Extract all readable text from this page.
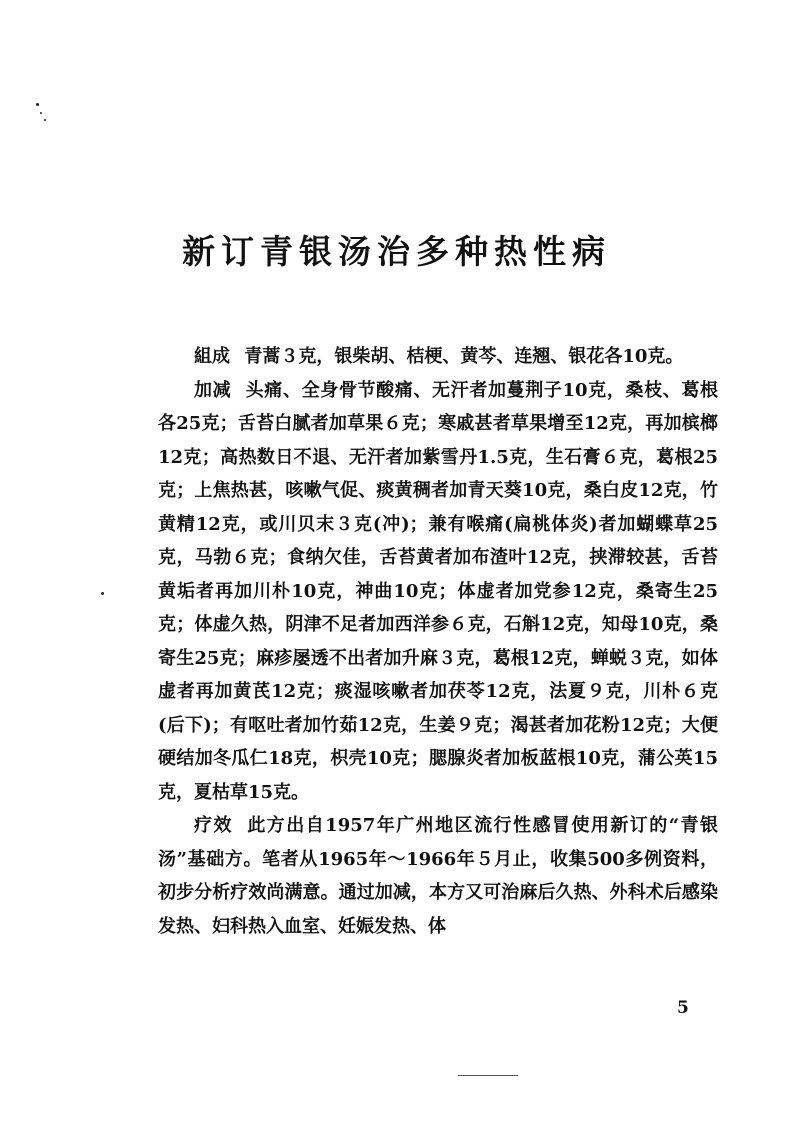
新订青银汤治多种热性病

組成 青蒿３克，银柴胡、桔梗、黄芩、连翘、银花各10克。

加减 头痛、全身骨节酸痛、无汗者加蔓荆子10克，桑枝、葛根各25克；舌苔白腻者加草果６克；寒戚甚者草果增至12克，再加槟榔12克；高热数日不退、无汗者加紫雪丹1.5克，生石膏６克，葛根25克；上焦热甚，咳嗽气促、痰黄稠者加青天葵10克，桑白皮12克，竹黄精12克，或川贝末３克(冲)；兼有喉痛(扁桃体炎)者加蝴蝶草25克，马勃６克；食纳欠佳，舌苔黄者加布渣叶12克，挟滞较甚，舌苔黄垢者再加川朴10克，神曲10克；体虚者加党参12克，桑寄生25克；体虚久热，阴津不足者加西洋参６克，石斛12克，知母10克，桑寄生25克；麻疹屡透不出者加升麻３克，葛根12克，蝉蜕３克，如体虚者再加黄芪12克；痰湿咳嗽者加茯苓12克，法夏９克，川朴６克(后下)；有呕吐者加竹茹12克，生姜９克；渴甚者加花粉12克；大便硬结加冬瓜仁18克，枳壳10克；腮腺炎者加板蓝根10克，蒲公英15克，夏枯草15克。

疗效 此方出自1957年广州地区流行性感冒使用新订的“青银汤”基础方。笔者从1965年～1966年５月止，收集500多例资料，初步分析疗效尚满意。通过加减，本方又可治麻后久热、外科术后感染发热、妇科热入血室、妊娠发热、体

5
